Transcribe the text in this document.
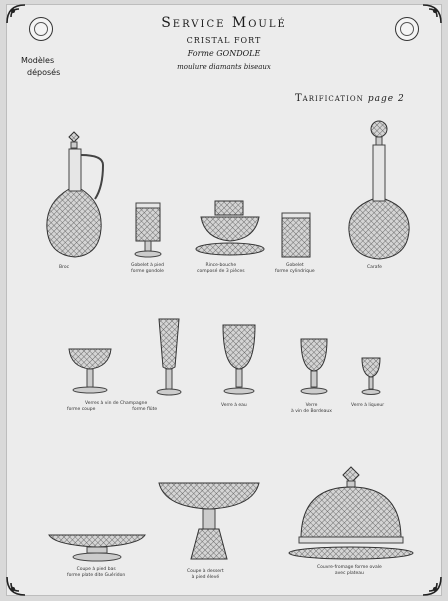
Service Moulé
CRISTAL FORT
Forme GONDOLE
moulure diamants biseaux
Modèles
déposés
Tarification page 2
Broc	Gobelet à pied
forme gondole
Rince-bouche
composé de 3 pièces
Gobelet
forme cylindrique
Carafe
Verres à vin de Champagne
forme coupe	forme flûte
Verre à eau	Verre
à vin de Bordeaux
Verre à liqueur
Coupe à pied bas
forme plate dite Guéridon
Coupe à dessert
à pied élevé
Couvre-fromage forme ovale
avec plateau
